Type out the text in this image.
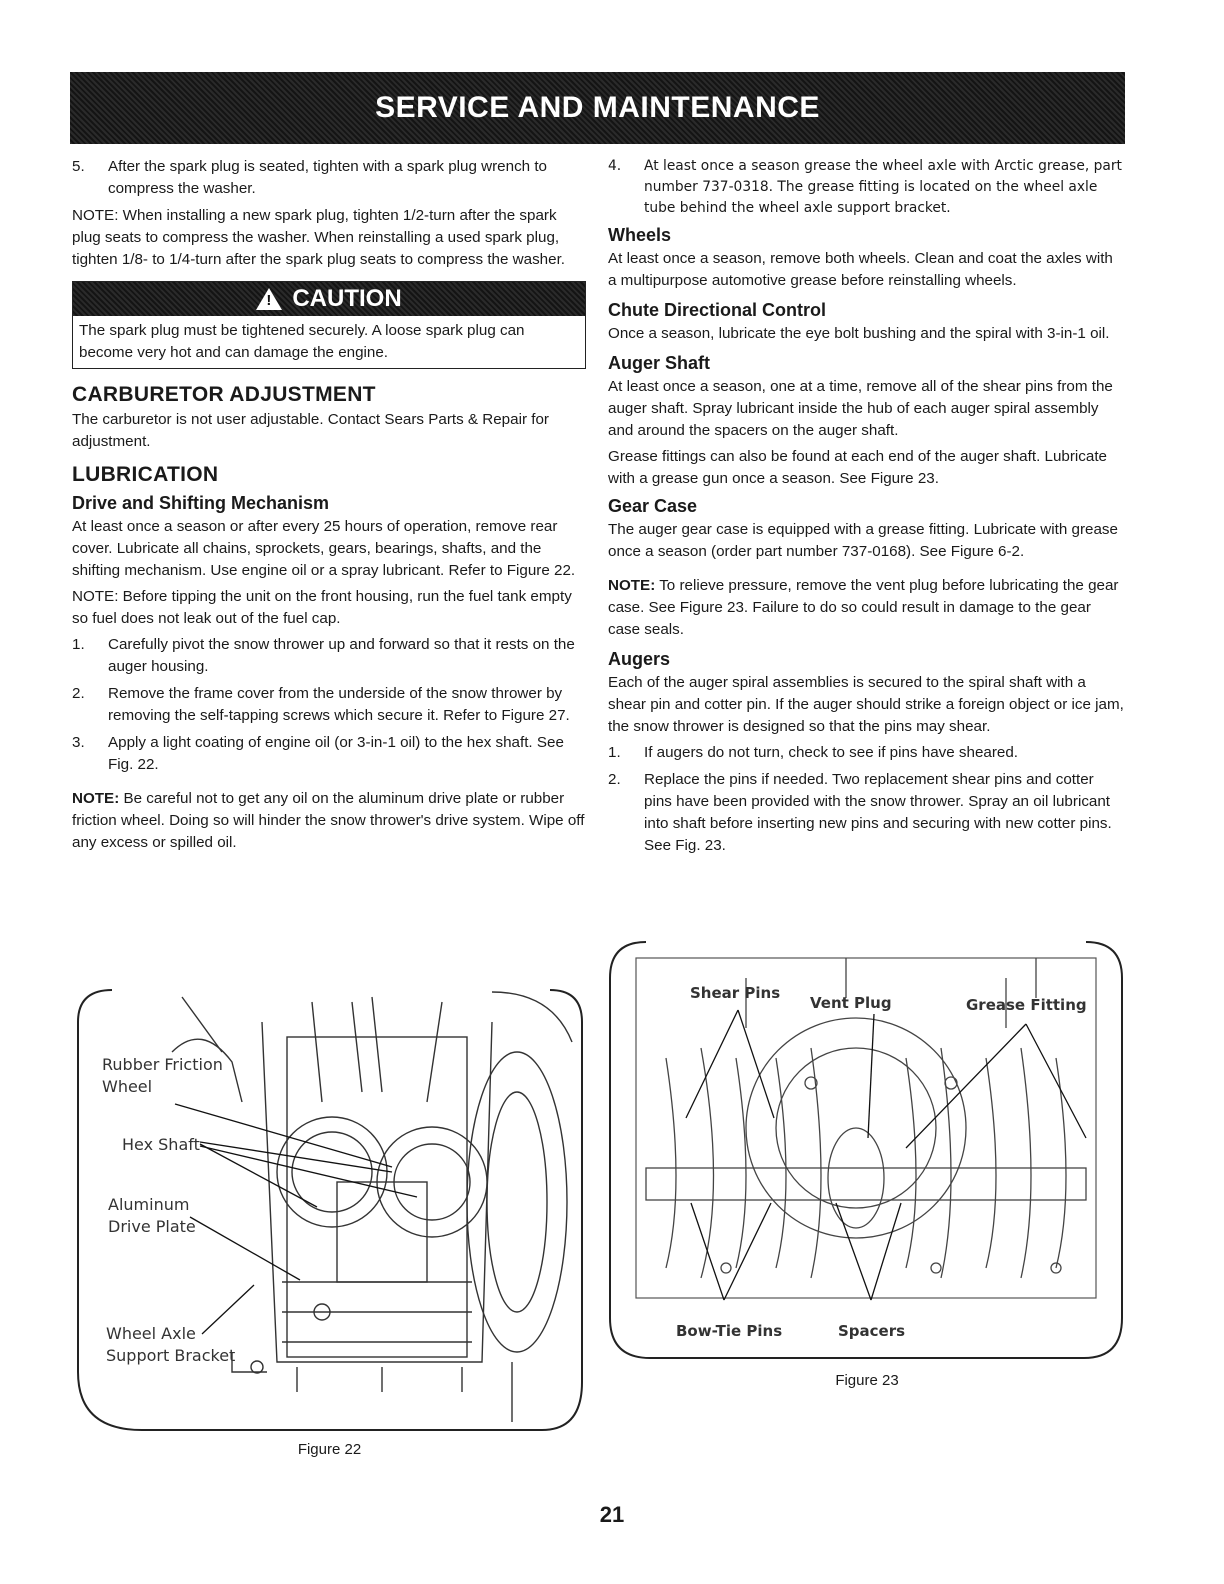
SERVICE AND MAINTENANCE
5.	After the spark plug is seated, tighten with a spark plug wrench to compress the washer.

NOTE: When installing a new spark plug, tighten 1/2-turn after the spark plug seats to compress the washer. When reinstalling a used spark plug, tighten 1/8- to 1/4-turn after the spark plug seats to compress the washer.

!
CAUTION
The spark plug must be tightened securely. A loose spark plug can become very hot and can damage the engine.
CARBURETOR ADJUSTMENT

The carburetor is not user adjustable. Contact Sears Parts & Repair for adjustment.

LUBRICATION
Drive and Shifting Mechanism

At least once a season or after every 25 hours of operation, remove rear cover. Lubricate all chains, sprockets, gears, bearings, shafts, and the shifting mechanism. Use engine oil or a spray lubricant. Refer to Figure 22.

NOTE: Before tipping the unit on the front housing, run the fuel tank empty so fuel does not leak out of the fuel cap.

1.	Carefully pivot the snow thrower up and forward so that it rests on the auger housing.
2.	Remove the frame cover from the underside of the snow thrower by removing the self-tapping screws which secure it. Refer to Figure 27.
3.	Apply a light coating of engine oil (or 3-in-1 oil) to the hex shaft. See Fig. 22.

NOTE: Be careful not to get any oil on the aluminum drive plate or rubber friction wheel. Doing so will hinder the snow thrower's drive system. Wipe off any excess or spilled oil.

Rubber Friction
Wheel
Hex Shaft
Aluminum
Drive Plate
Wheel Axle
Support Bracket
Figure 22
4.	At least once a season grease the wheel axle with Arctic grease, part number 737-0318. The grease fitting is located on the wheel axle tube behind the wheel axle support bracket.
Wheels

At least once a season, remove both wheels. Clean and coat the axles with a multipurpose automotive grease before reinstalling wheels.

Chute Directional Control

Once a season, lubricate the eye bolt bushing and the spiral with 3-in-1 oil.

Auger Shaft

At least once a season, one at a time, remove all of the shear pins from the auger shaft. Spray lubricant inside the hub of each auger spiral assembly and around the spacers on the auger shaft.

Grease fittings can also be found at each end of the auger shaft. Lubricate with a grease gun once a season. See Figure 23.

Gear Case

The auger gear case is equipped with a grease fitting. Lubricate with grease once a season (order part number 737-0168). See Figure 6-2.

NOTE: To relieve pressure, remove the vent plug before lubricating the gear case. See Figure 23. Failure to do so could result in damage to the gear case seals.

Augers

Each of the auger spiral assemblies is secured to the spiral shaft with a shear pin and cotter pin. If the auger should strike a foreign object or ice jam, the snow thrower is designed so that the pins may shear.

1.	If augers do not turn, check to see if pins have sheared.
2.	Replace the pins if needed. Two replacement shear pins and cotter pins have been provided with the snow thrower. Spray an oil lubricant into shaft before inserting new pins and securing with new cotter pins. See Fig. 23.
Shear Pins
Vent Plug	Grease Fitting
Bow-Tie Pins	Spacers
Figure 23
21
